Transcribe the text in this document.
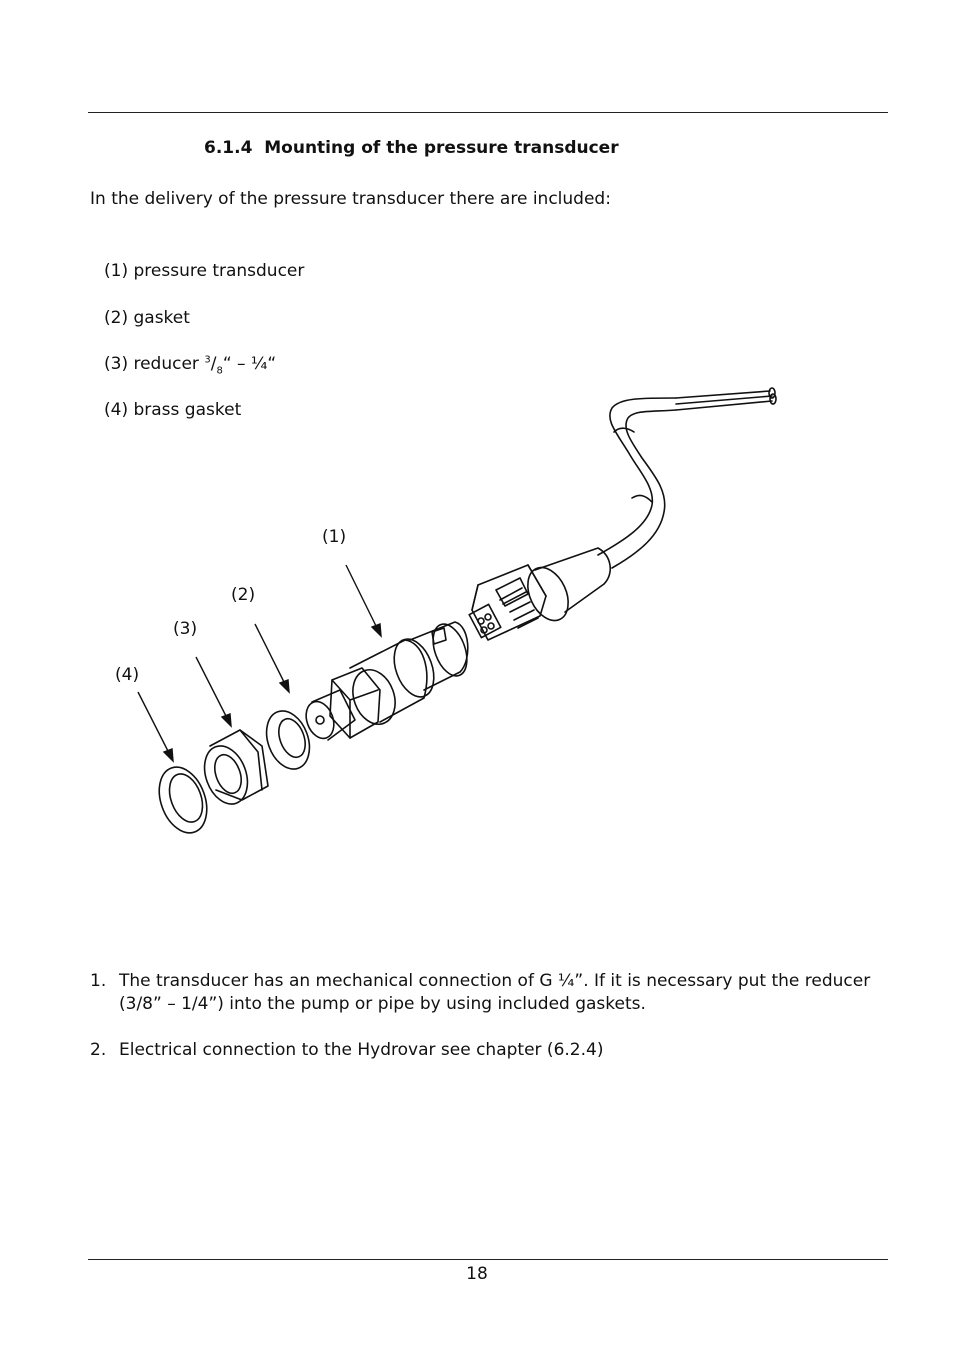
6.1.4 Mounting of the pressure transducer
In the delivery of the pressure transducer there are included:
(1) pressure transducer
(2) gasket
(3) reducer $^3/_8“$ – ¼“
(4) brass gasket
(1)
(2)
(3)
(4)
1. The transducer has an mechanical connection of G ¼”. If it is necessary put the reducer (3/8” – 1/4”) into the pump or pipe by using included gaskets.
2. Electrical connection to the Hydrovar see chapter (6.2.4)
18
